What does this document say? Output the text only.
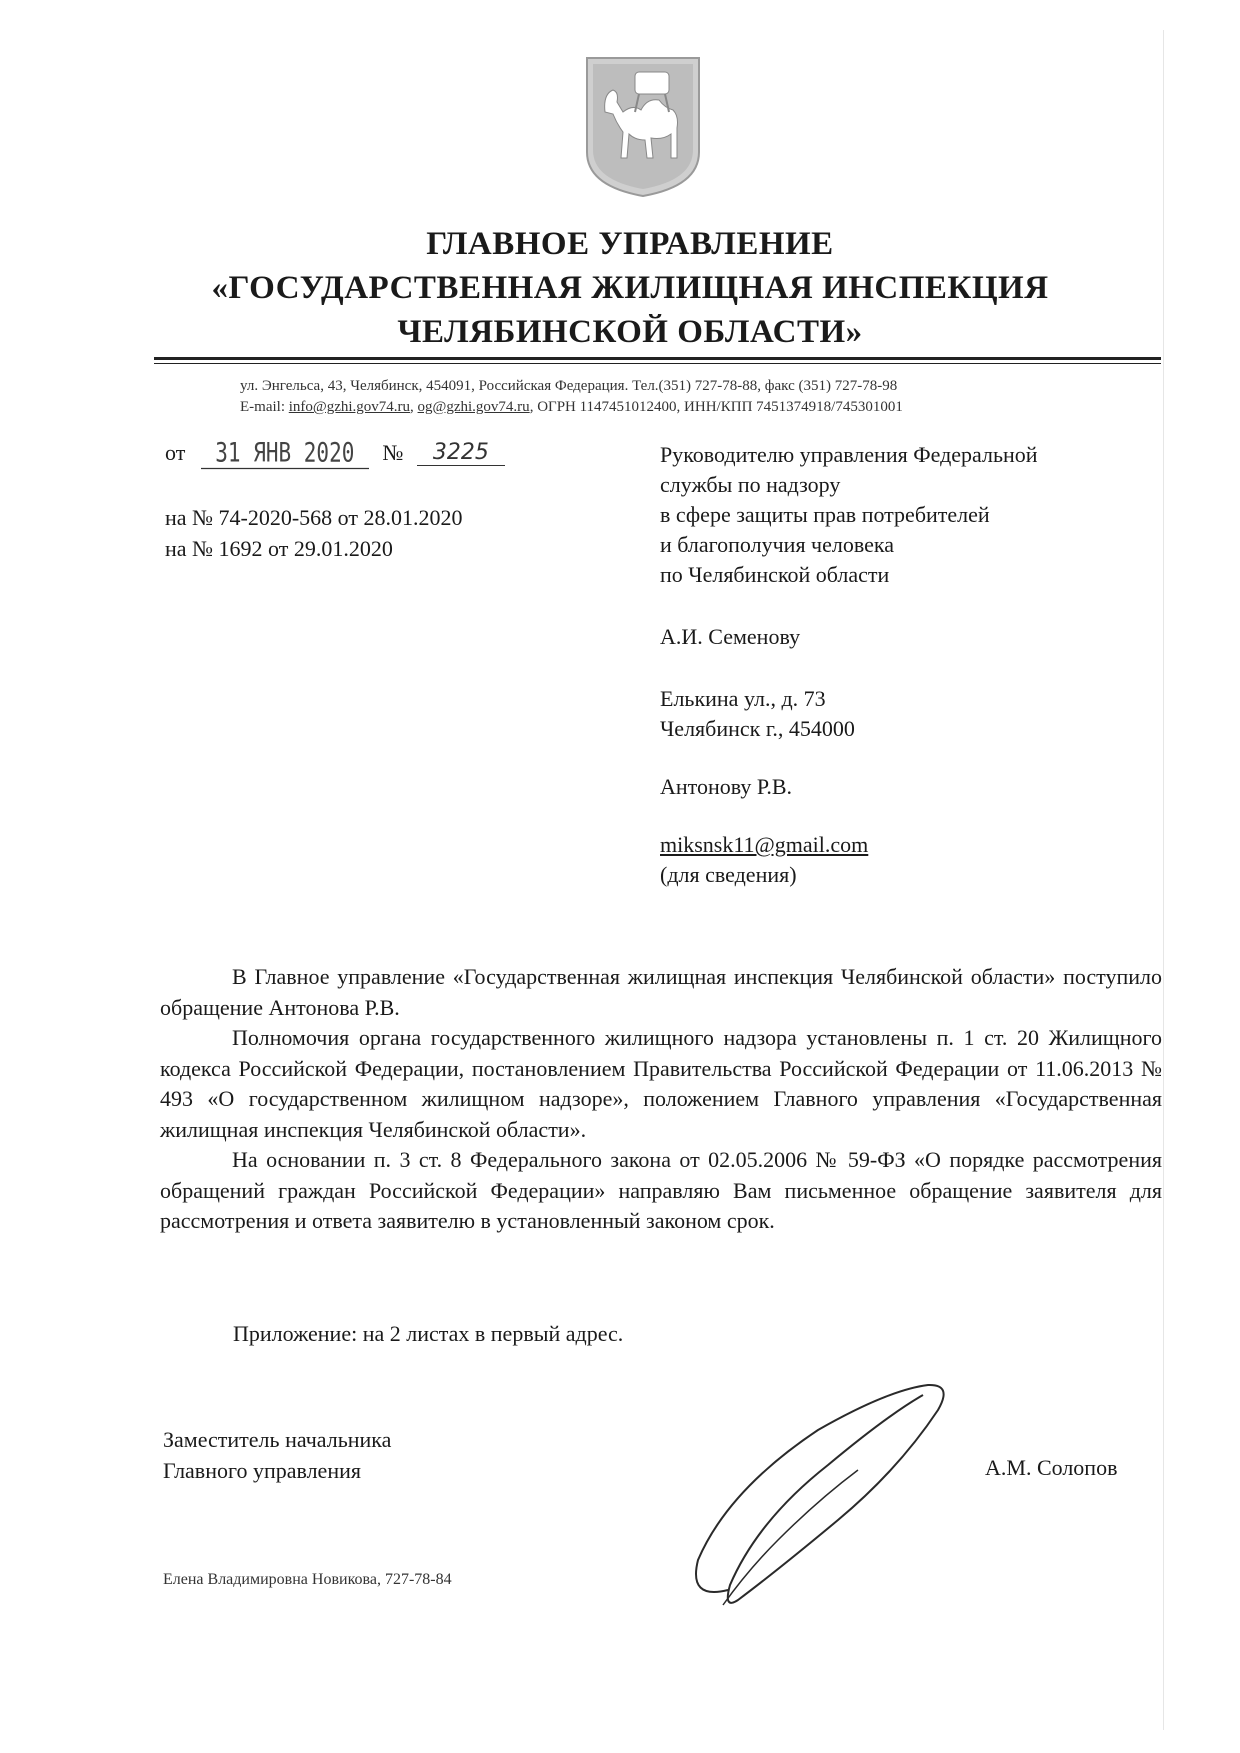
ГЛАВНОЕ УПРАВЛЕНИЕ
«ГОСУДАРСТВЕННАЯ ЖИЛИЩНАЯ ИНСПЕКЦИЯ
ЧЕЛЯБИНСКОЙ ОБЛАСТИ»
ул. Энгельса, 43, Челябинск, 454091, Российская Федерация. Тел.(351) 727-78-88, факс (351) 727-78-98
E-mail: info@gzhi.gov74.ru, og@gzhi.gov74.ru, ОГРН 1147451012400, ИНН/КПП 7451374918/745301001
от 31 ЯНВ 2020 № 3225
на № 74-2020-568 от 28.01.2020
на № 1692 от 29.01.2020
Руководителю управления Федеральной
службы по надзору
в сфере защиты прав потребителей
и благополучия человека
по Челябинской области
А.И. Семенову
Елькина ул., д. 73
Челябинск г., 454000
Антонову Р.В.
miksnsk11@gmail.com
(для сведения)

В Главное управление «Государственная жилищная инспекция Челябинской области» поступило обращение Антонова Р.В.

Полномочия органа государственного жилищного надзора установлены п. 1 ст. 20 Жилищного кодекса Российской Федерации, постановлением Правительства Российской Федерации от 11.06.2013 № 493 «О государственном жилищном надзоре», положением Главного управления «Государственная жилищная инспекция Челябинской области».

На основании п. 3 ст. 8 Федерального закона от 02.05.2006 № 59-ФЗ «О порядке рассмотрения обращений граждан Российской Федерации» направляю Вам письменное обращение заявителя для рассмотрения и ответа заявителю в установленный законом срок.

Приложение: на 2 листах в первый адрес.
Заместитель начальника
Главного управления	А.М. Солопов
Елена Владимировна Новикова, 727-78-84
